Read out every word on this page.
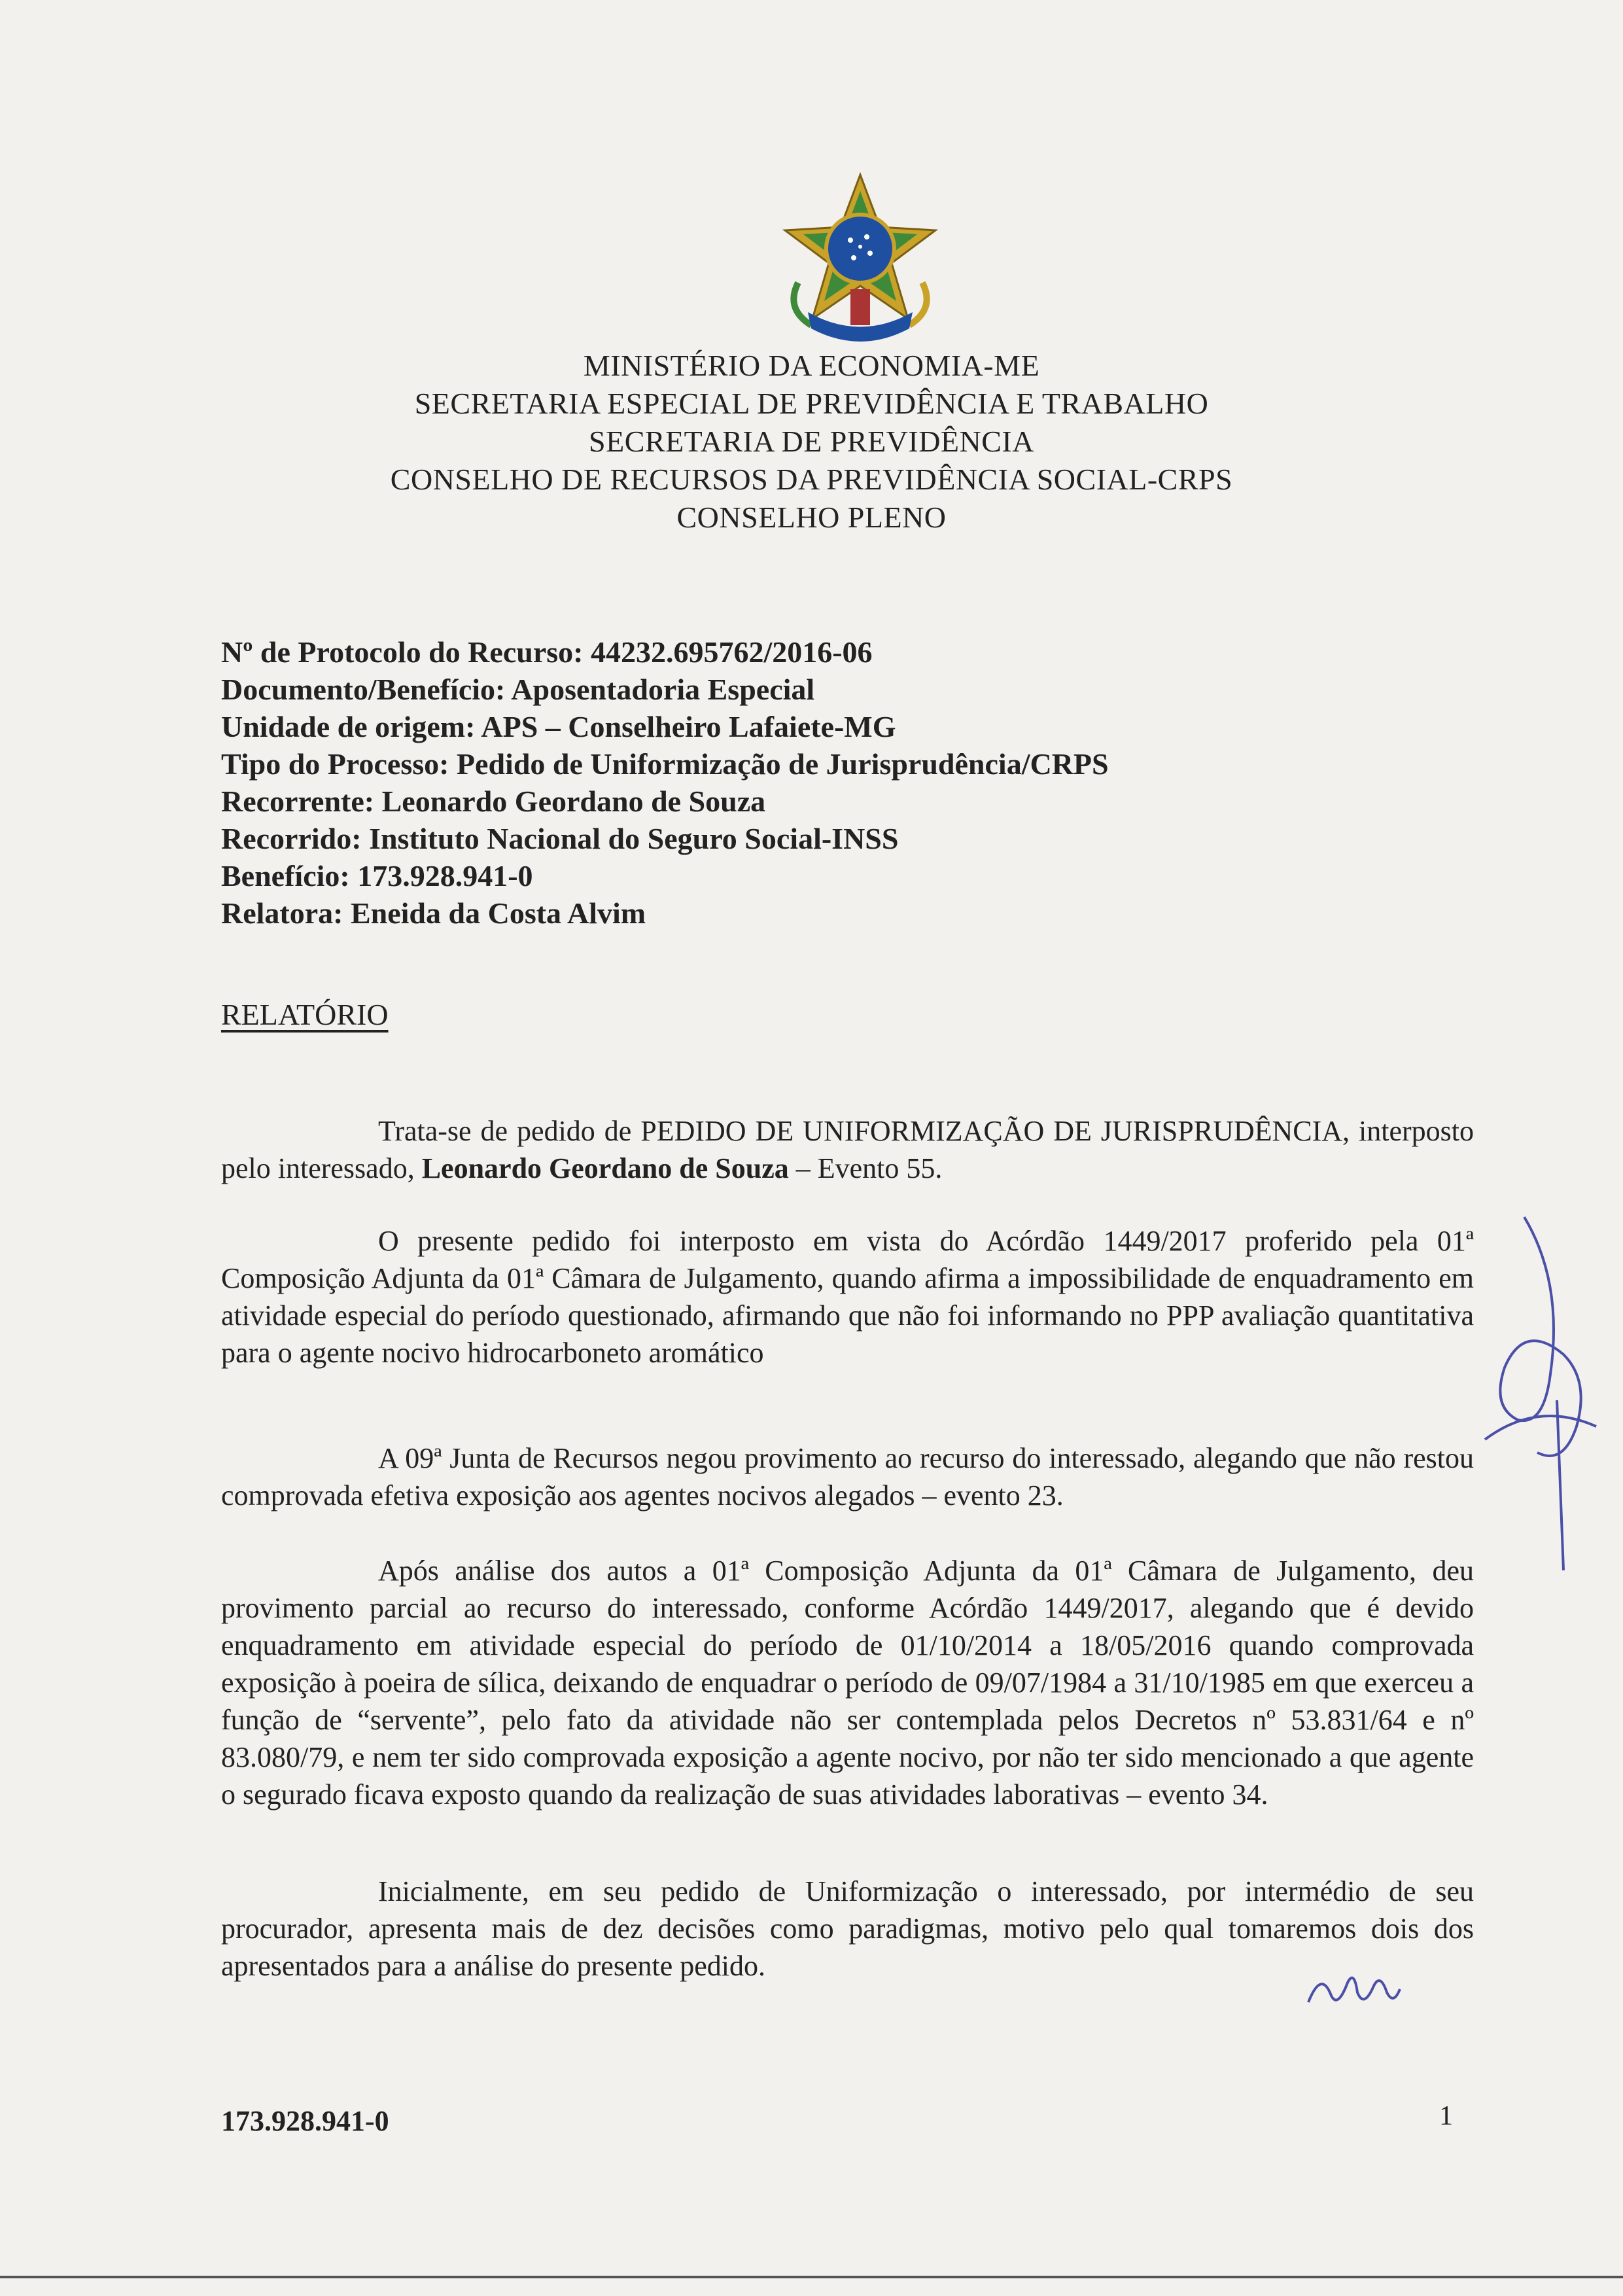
MINISTÉRIO DA ECONOMIA-ME
SECRETARIA ESPECIAL DE PREVIDÊNCIA E TRABALHO
SECRETARIA DE PREVIDÊNCIA
CONSELHO DE RECURSOS DA PREVIDÊNCIA SOCIAL-CRPS
CONSELHO PLENO
Nº de Protocolo do Recurso: 44232.695762/2016-06
Documento/Benefício: Aposentadoria Especial
Unidade de origem: APS – Conselheiro Lafaiete-MG
Tipo do Processo: Pedido de Uniformização de Jurisprudência/CRPS
Recorrente: Leonardo Geordano de Souza
Recorrido: Instituto Nacional do Seguro Social-INSS
Benefício: 173.928.941-0
Relatora: Eneida da Costa Alvim
RELATÓRIO

Trata-se de pedido de PEDIDO DE UNIFORMIZAÇÃO DE JURISPRUDÊNCIA, interposto pelo interessado, Leonardo Geordano de Souza – Evento 55.

O presente pedido foi interposto em vista do Acórdão 1449/2017 proferido pela 01ª Composição Adjunta da 01ª Câmara de Julgamento, quando afirma a impossibilidade de enquadramento em atividade especial do período questionado, afirmando que não foi informando no PPP avaliação quantitativa para o agente nocivo hidrocarboneto aromático

A 09ª Junta de Recursos negou provimento ao recurso do interessado, alegando que não restou comprovada efetiva exposição aos agentes nocivos alegados – evento 23.

Após análise dos autos a 01ª Composição Adjunta da 01ª Câmara de Julgamento, deu provimento parcial ao recurso do interessado, conforme Acórdão 1449/2017, alegando que é devido enquadramento em atividade especial do período de 01/10/2014 a 18/05/2016 quando comprovada exposição à poeira de sílica, deixando de enquadrar o período de 09/07/1984 a 31/10/1985 em que exerceu a função de “servente”, pelo fato da atividade não ser contemplada pelos Decretos nº 53.831/64 e nº 83.080/79, e nem ter sido comprovada exposição a agente nocivo, por não ter sido mencionado a que agente o segurado ficava exposto quando da realização de suas atividades laborativas – evento 34.

Inicialmente, em seu pedido de Uniformização o interessado, por intermédio de seu procurador, apresenta mais de dez decisões como paradigmas, motivo pelo qual tomaremos dois dos apresentados para a análise do presente pedido.

173.928.941-0	1
